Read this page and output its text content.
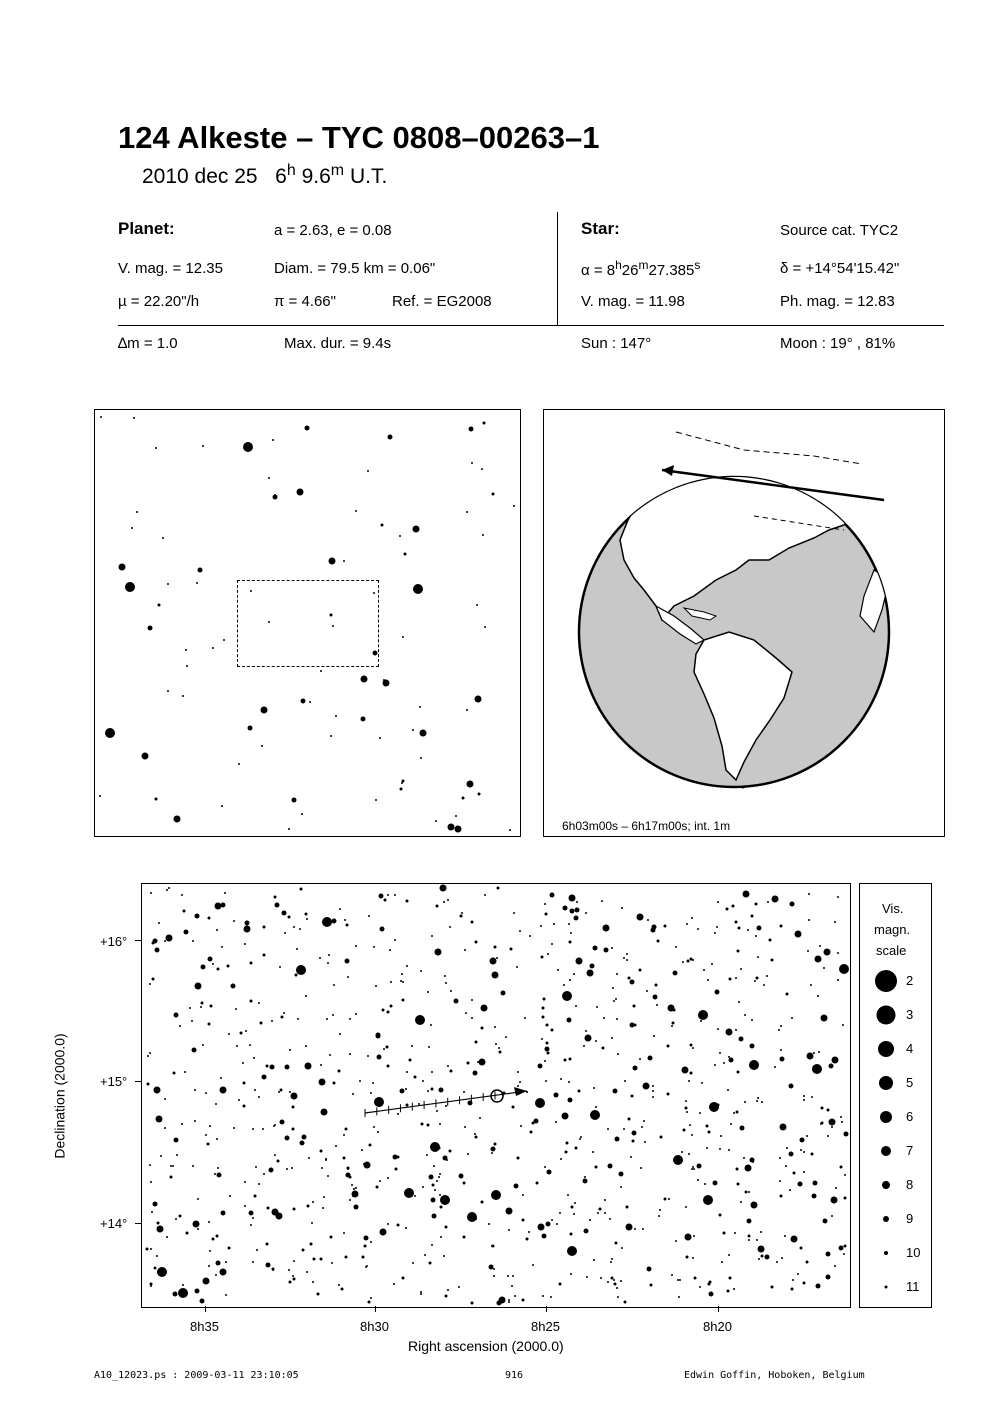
124 Alkeste – TYC 0808–00263–1
2010 dec 25 6$^h$ 9.6$^m$ U.T.
Planet:	a = 2.63, e = 0.08
V. mag. = 12.35	Diam. = 79.5 km = 0.06"
µ = 22.20"/h	π = 4.66"	Ref. = EG2008
Star:	Source cat. TYC2
$\alpha = 8^h26^m27.385^s$	δ = +14°54'15.42"
V. mag. = 11.98	Ph. mag. = 12.83
∆m = 1.0	Max. dur. = 9.4s	Sun : 147°	Moon : 19° , 81%
6h03m00s – 6h17m00s; int. 1m
+16°
+15°
+14°
8h35	8h30	8h25	8h20
Right ascension (2000.0)
Declination (2000.0)
Vis.
magn.
scale
2
3
4
5
6
7
8
9
10
11
A10_12023.ps : 2009-03-11 23:10:05	916	Edwin Goffin, Hoboken, Belgium
